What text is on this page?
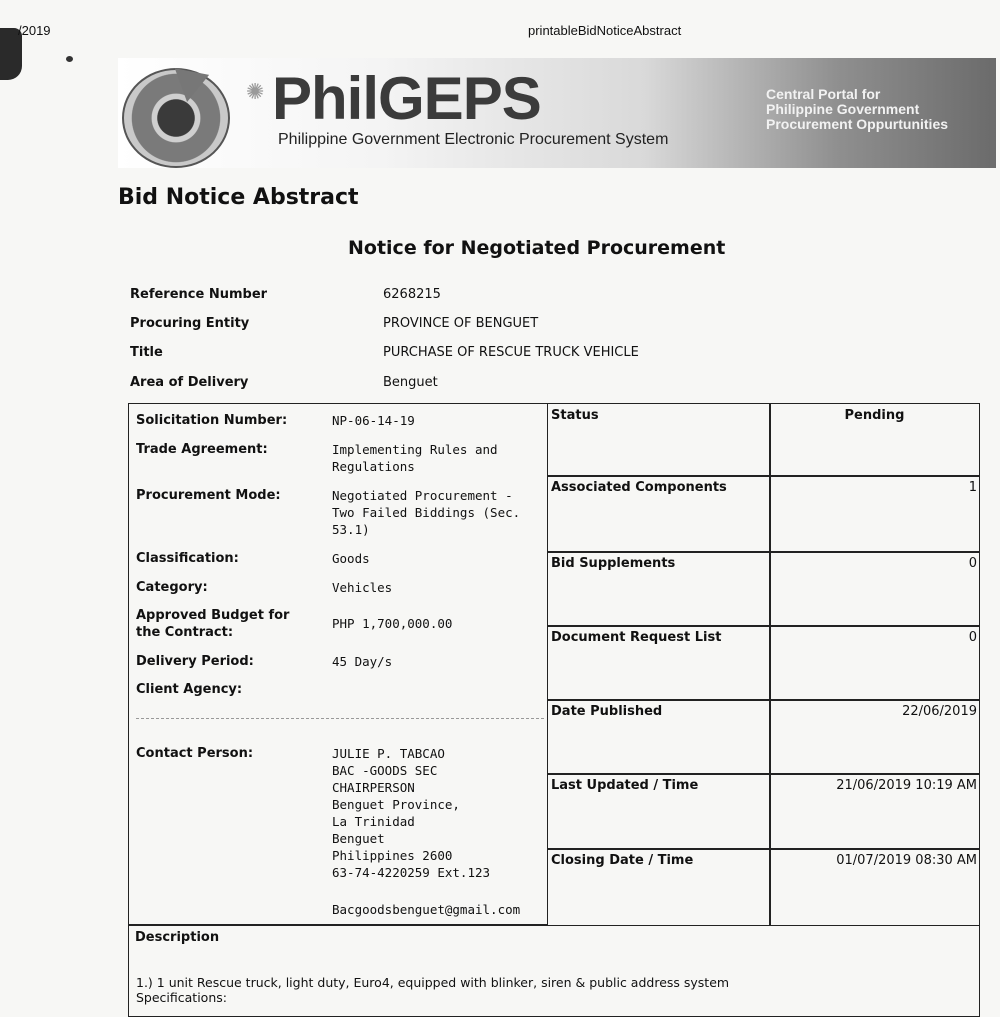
/2019	printableBidNoticeAbstract
✺ PhilGEPS
Philippine Government Electronic Procurement System
Central Portal for
Philippine Government
Procurement Oppurtunities
Bid Notice Abstract
Notice for Negotiated Procurement
Reference Number	6268215
Procuring Entity	PROVINCE OF BENGUET
Title	PURCHASE OF RESCUE TRUCK VEHICLE
Area of Delivery	Benguet
Solicitation Number:	NP-06-14-19
Trade Agreement:	Implementing Rules and Regulations
Procurement Mode:	Negotiated Procurement - Two Failed Biddings (Sec. 53.1)
Classification:	Goods
Category:	Vehicles
Approved Budget for the Contract:
PHP 1,700,000.00
Delivery Period:	45 Day/s
Client Agency:
Contact Person:	JULIE P. TABCAO
BAC -GOODS SEC
CHAIRPERSON
Benguet Province,
La Trinidad
Benguet
Philippines 2600
63-74-4220259 Ext.123
Bacgoodsbenguet@gmail.com
Status	Pending
Associated Components	1
Bid Supplements	0
Document Request List	0
Date Published	22/06/2019
Last Updated / Time	21/06/2019 10:19 AM
Closing Date / Time	01/07/2019 08:30 AM
Description
1.) 1 unit Rescue truck, light duty, Euro4, equipped with blinker, siren & public address system
Specifications:
